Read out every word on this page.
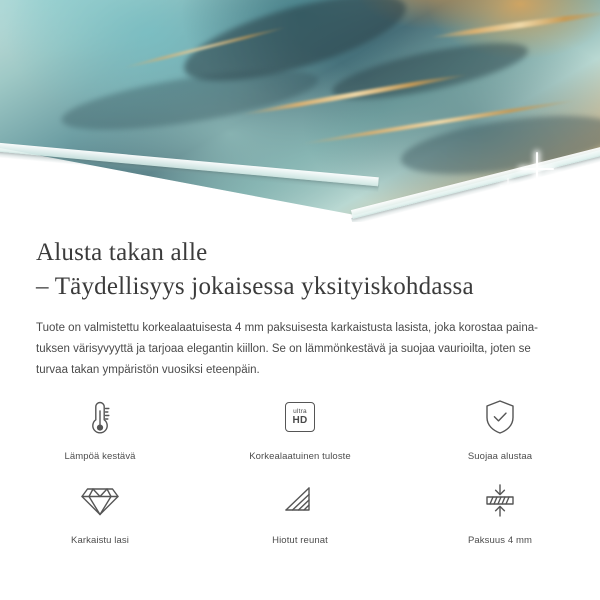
Alusta takan alle
– Täydellisyys jokaisessa yksityiskohdassa

Tuote on valmistettu korkealaatuisesta 4 mm paksuisesta karkaistusta lasista, joka korostaa paina-
tuksen värisyvyyttä ja tarjoaa elegantin kiillon. Se on lämmönkestävä ja suojaa vaurioilta, joten se
turvaa takan ympäristön vuosiksi eteenpäin.

Lämpöä kestävä
ultra
HD
Korkealaatuinen tuloste	Suojaa alustaa
Karkaistu lasi	Hiotut reunat	Paksuus 4 mm
